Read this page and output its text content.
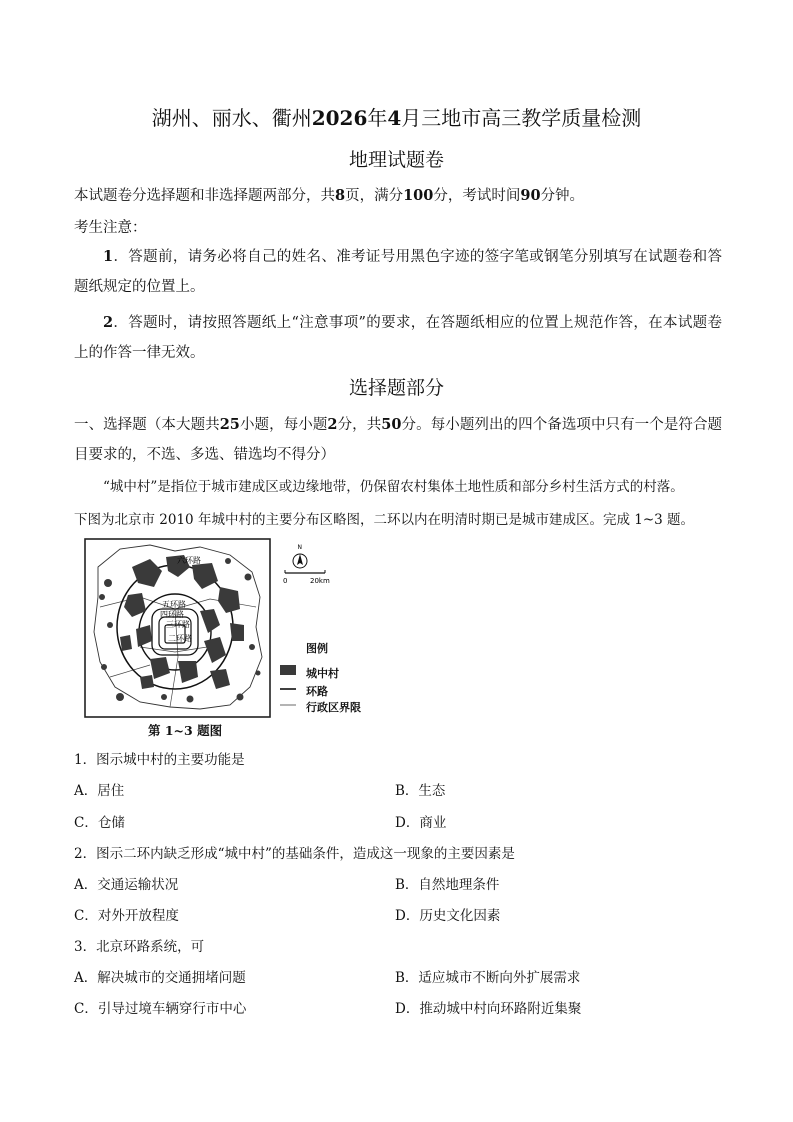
湖州、丽水、衢州2026年4月三地市高三教学质量检测
地理试题卷
本试题卷分选择题和非选择题两部分，共8页，满分100分，考试时间90分钟。
考生注意：
1．答题前，请务必将自己的姓名、准考证号用黑色字迹的签字笔或钢笔分别填写在试题卷和答题纸规定的位置上。
2．答题时，请按照答题纸上“注意事项”的要求，在答题纸相应的位置上规范作答，在本试题卷上的作答一律无效。
选择题部分
一、选择题（本大题共25小题，每小题2分，共50分。每小题列出的四个备选项中只有一个是符合题目要求的，不选、多选、错选均不得分）
“城中村”是指位于城市建成区或边缘地带，仍保留农村集体土地性质和部分乡村生活方式的村落。
下图为北京市 2010 年城中村的主要分布区略图，二环以内在明清时期已是城市建成区。完成 1~3 题。
六环路
五环路
四环路
三环路
二环路
N
0	20km
图例
城中村
环路
行政区界限
第 1~3 题图
1．图示城中村的主要功能是
A．居住	B．生态
C．仓储	D．商业
2．图示二环内缺乏形成“城中村”的基础条件，造成这一现象的主要因素是
A．交通运输状况	B．自然地理条件
C．对外开放程度	D．历史文化因素
3．北京环路系统，可
A．解决城市的交通拥堵问题	B．适应城市不断向外扩展需求
C．引导过境车辆穿行市中心	D．推动城中村向环路附近集聚
